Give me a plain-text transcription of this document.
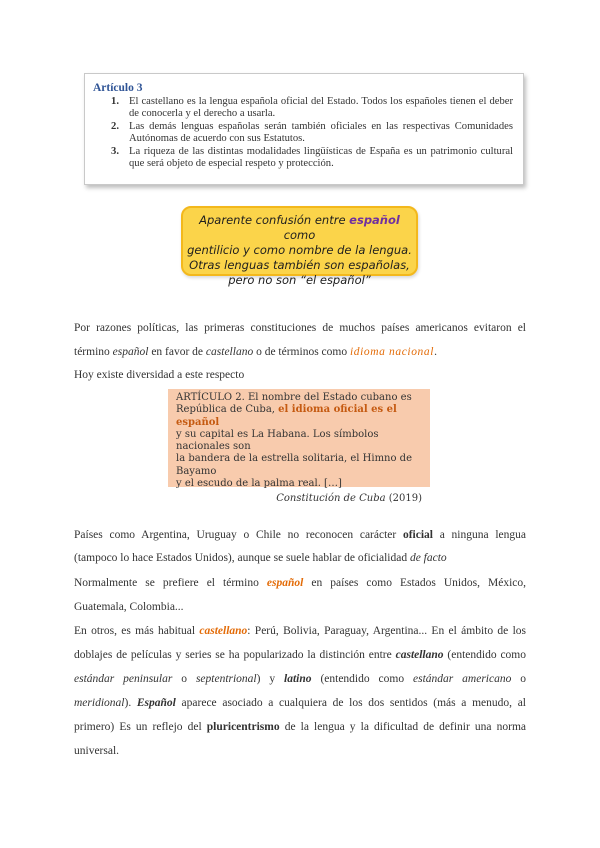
Artículo 3
1. El castellano es la lengua española oficial del Estado. Todos los españoles tienen el deber de conocerla y el derecho a usarla.
2. Las demás lenguas españolas serán también oficiales en las respectivas Comunidades Autónomas de acuerdo con sus Estatutos.
3. La riqueza de las distintas modalidades lingüísticas de España es un patrimonio cultural que será objeto de especial respeto y protección.
Aparente confusión entre español como
gentilicio y como nombre de la lengua.
Otras lenguas también son españolas,
pero no son “el español”
Por razones políticas, las primeras constituciones de muchos países americanos evitaron el
término español en favor de castellano o de términos como idioma nacional.
Hoy existe diversidad a este respecto
ARTÍCULO 2. El nombre del Estado cubano es
República de Cuba, el idioma oficial es el español
y su capital es La Habana. Los símbolos nacionales son
la bandera de la estrella solitaria, el Himno de Bayamo
y el escudo de la palma real. […]
Constitución de Cuba (2019)
Países como Argentina, Uruguay o Chile no reconocen carácter oficial a ninguna lengua
(tampoco lo hace Estados Unidos), aunque se suele hablar de oficialidad de facto
Normalmente se prefiere el término español en países como Estados Unidos, México,
Guatemala, Colombia...
En otros, es más habitual castellano: Perú, Bolivia, Paraguay, Argentina... En el ámbito de los
doblajes de películas y series se ha popularizado la distinción entre castellano (entendido como
estándar peninsular o septentrional) y latino (entendido como estándar americano o
meridional). Español aparece asociado a cualquiera de los dos sentidos (más a menudo, al
primero) Es un reflejo del pluricentrismo de la lengua y la dificultad de definir una norma
universal.
